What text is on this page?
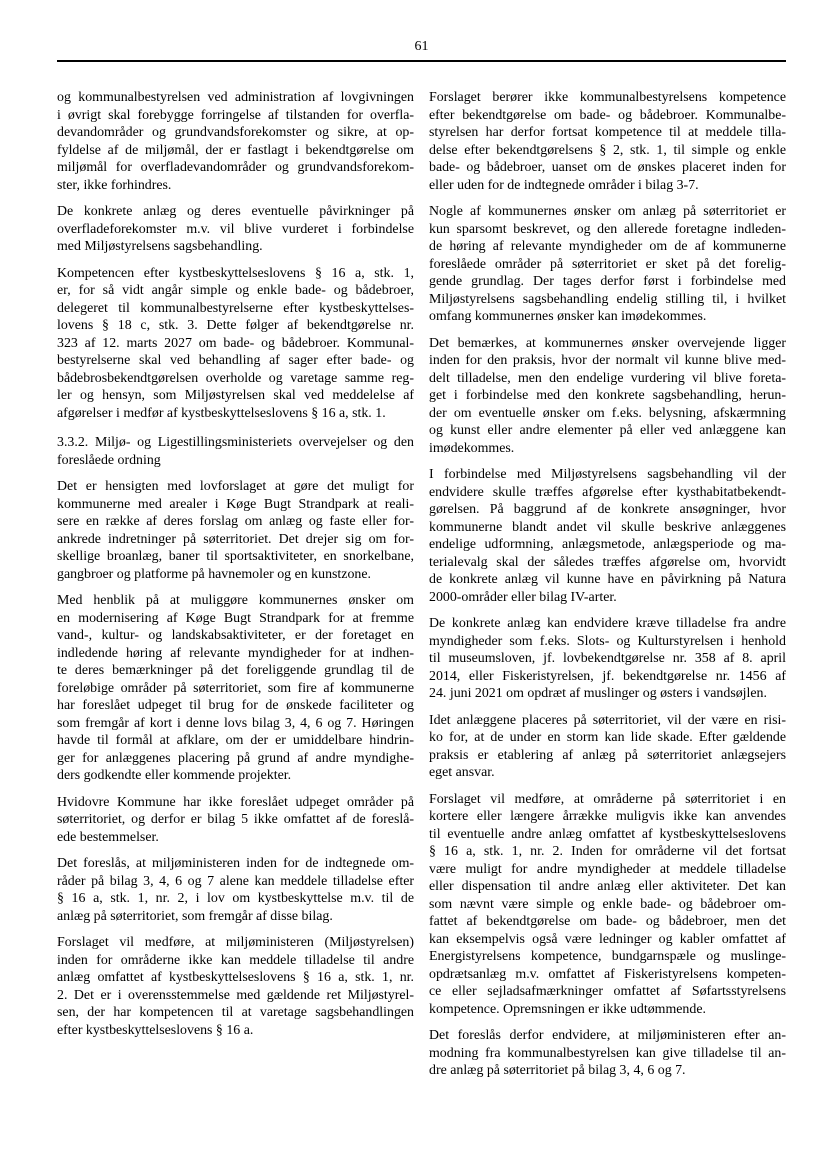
61
og kommunalbestyrelsen ved administration af lovgivningen
i øvrigt skal forebygge forringelse af tilstanden for overfla-
devandområder og grundvandsforekomster og sikre, at op-
fyldelse af de miljømål, der er fastlagt i bekendtgørelse om
miljømål for overfladevandområder og grundvandsforekom-
ster, ikke forhindres.
De konkrete anlæg og deres eventuelle påvirkninger på
overfladeforekomster m.v. vil blive vurderet i forbindelse
med Miljøstyrelsens sagsbehandling.
Kompetencen efter kystbeskyttelseslovens § 16 a, stk. 1,
er, for så vidt angår simple og enkle bade- og bådebroer,
delegeret til kommunalbestyrelserne efter kystbeskyttelses-
lovens § 18 c, stk. 3. Dette følger af bekendtgørelse nr.
323 af 12. marts 2027 om bade- og bådebroer. Kommunal-
bestyrelserne skal ved behandling af sager efter bade- og
bådebrosbekendtgørelsen overholde og varetage samme reg-
ler og hensyn, som Miljøstyrelsen skal ved meddelelse af
afgørelser i medfør af kystbeskyttelseslovens § 16 a, stk. 1.
3.3.2. Miljø- og Ligestillingsministeriets overvejelser og den
foreslåede ordning
Det er hensigten med lovforslaget at gøre det muligt for
kommunerne med arealer i Køge Bugt Strandpark at reali-
sere en række af deres forslag om anlæg og faste eller for-
ankrede indretninger på søterritoriet. Det drejer sig om for-
skellige broanlæg, baner til sportsaktiviteter, en snorkelbane,
gangbroer og platforme på havnemoler og en kunstzone.
Med henblik på at muliggøre kommunernes ønsker om
en modernisering af Køge Bugt Strandpark for at fremme
vand-, kultur- og landskabsaktiviteter, er der foretaget en
indledende høring af relevante myndigheder for at indhen-
te deres bemærkninger på det foreliggende grundlag til de
foreløbige områder på søterritoriet, som fire af kommunerne
har foreslået udpeget til brug for de ønskede faciliteter og
som fremgår af kort i denne lovs bilag 3, 4, 6 og 7. Høringen
havde til formål at afklare, om der er umiddelbare hindrin-
ger for anlæggenes placering på grund af andre myndighe-
ders godkendte eller kommende projekter.
Hvidovre Kommune har ikke foreslået udpeget områder på
søterritoriet, og derfor er bilag 5 ikke omfattet af de foreslå-
ede bestemmelser.
Det foreslås, at miljøministeren inden for de indtegnede om-
råder på bilag 3, 4, 6 og 7 alene kan meddele tilladelse efter
§ 16 a, stk. 1, nr. 2, i lov om kystbeskyttelse m.v. til de
anlæg på søterritoriet, som fremgår af disse bilag.
Forslaget vil medføre, at miljøministeren (Miljøstyrelsen)
inden for områderne ikke kan meddele tilladelse til andre
anlæg omfattet af kystbeskyttelseslovens § 16 a, stk. 1, nr.
2. Det er i overensstemmelse med gældende ret Miljøstyrel-
sen, der har kompetencen til at varetage sagsbehandlingen
efter kystbeskyttelseslovens § 16 a.
Forslaget berører ikke kommunalbestyrelsens kompetence
efter bekendtgørelse om bade- og bådebroer. Kommunalbe-
styrelsen har derfor fortsat kompetence til at meddele tilla-
delse efter bekendtgørelsens § 2, stk. 1, til simple og enkle
bade- og bådebroer, uanset om de ønskes placeret inden for
eller uden for de indtegnede områder i bilag 3-7.
Nogle af kommunernes ønsker om anlæg på søterritoriet er
kun sparsomt beskrevet, og den allerede foretagne indleden-
de høring af relevante myndigheder om de af kommunerne
foreslåede områder på søterritoriet er sket på det forelig-
gende grundlag. Der tages derfor først i forbindelse med
Miljøstyrelsens sagsbehandling endelig stilling til, i hvilket
omfang kommunernes ønsker kan imødekommes.
Det bemærkes, at kommunernes ønsker overvejende ligger
inden for den praksis, hvor der normalt vil kunne blive med-
delt tilladelse, men den endelige vurdering vil blive foreta-
get i forbindelse med den konkrete sagsbehandling, herun-
der om eventuelle ønsker om f.eks. belysning, afskærmning
og kunst eller andre elementer på eller ved anlæggene kan
imødekommes.
I forbindelse med Miljøstyrelsens sagsbehandling vil der
endvidere skulle træffes afgørelse efter kysthabitatbekendt-
gørelsen. På baggrund af de konkrete ansøgninger, hvor
kommunerne blandt andet vil skulle beskrive anlæggenes
endelige udformning, anlægsmetode, anlægsperiode og ma-
terialevalg skal der således træffes afgørelse om, hvorvidt
de konkrete anlæg vil kunne have en påvirkning på Natura
2000-områder eller bilag IV-arter.
De konkrete anlæg kan endvidere kræve tilladelse fra andre
myndigheder som f.eks. Slots- og Kulturstyrelsen i henhold
til museumsloven, jf. lovbekendtgørelse nr. 358 af 8. april
2014, eller Fiskeristyrelsen, jf. bekendtgørelse nr. 1456 af
24. juni 2021 om opdræt af muslinger og østers i vandsøjlen.
Idet anlæggene placeres på søterritoriet, vil der være en risi-
ko for, at de under en storm kan lide skade. Efter gældende
praksis er etablering af anlæg på søterritoriet anlægsejers
eget ansvar.
Forslaget vil medføre, at områderne på søterritoriet i en
kortere eller længere årrække muligvis ikke kan anvendes
til eventuelle andre anlæg omfattet af kystbeskyttelseslovens
§ 16 a, stk. 1, nr. 2. Inden for områderne vil det fortsat
være muligt for andre myndigheder at meddele tilladelse
eller dispensation til andre anlæg eller aktiviteter. Det kan
som nævnt være simple og enkle bade- og bådebroer om-
fattet af bekendtgørelse om bade- og bådebroer, men det
kan eksempelvis også være ledninger og kabler omfattet af
Energistyrelsens kompetence, bundgarnspæle og muslinge-
opdrætsanlæg m.v. omfattet af Fiskeristyrelsens kompeten-
ce eller sejladsafmærkninger omfattet af Søfartsstyrelsens
kompetence. Opremsningen er ikke udtømmende.
Det foreslås derfor endvidere, at miljøministeren efter an-
modning fra kommunalbestyrelsen kan give tilladelse til an-
dre anlæg på søterritoriet på bilag 3, 4, 6 og 7.
